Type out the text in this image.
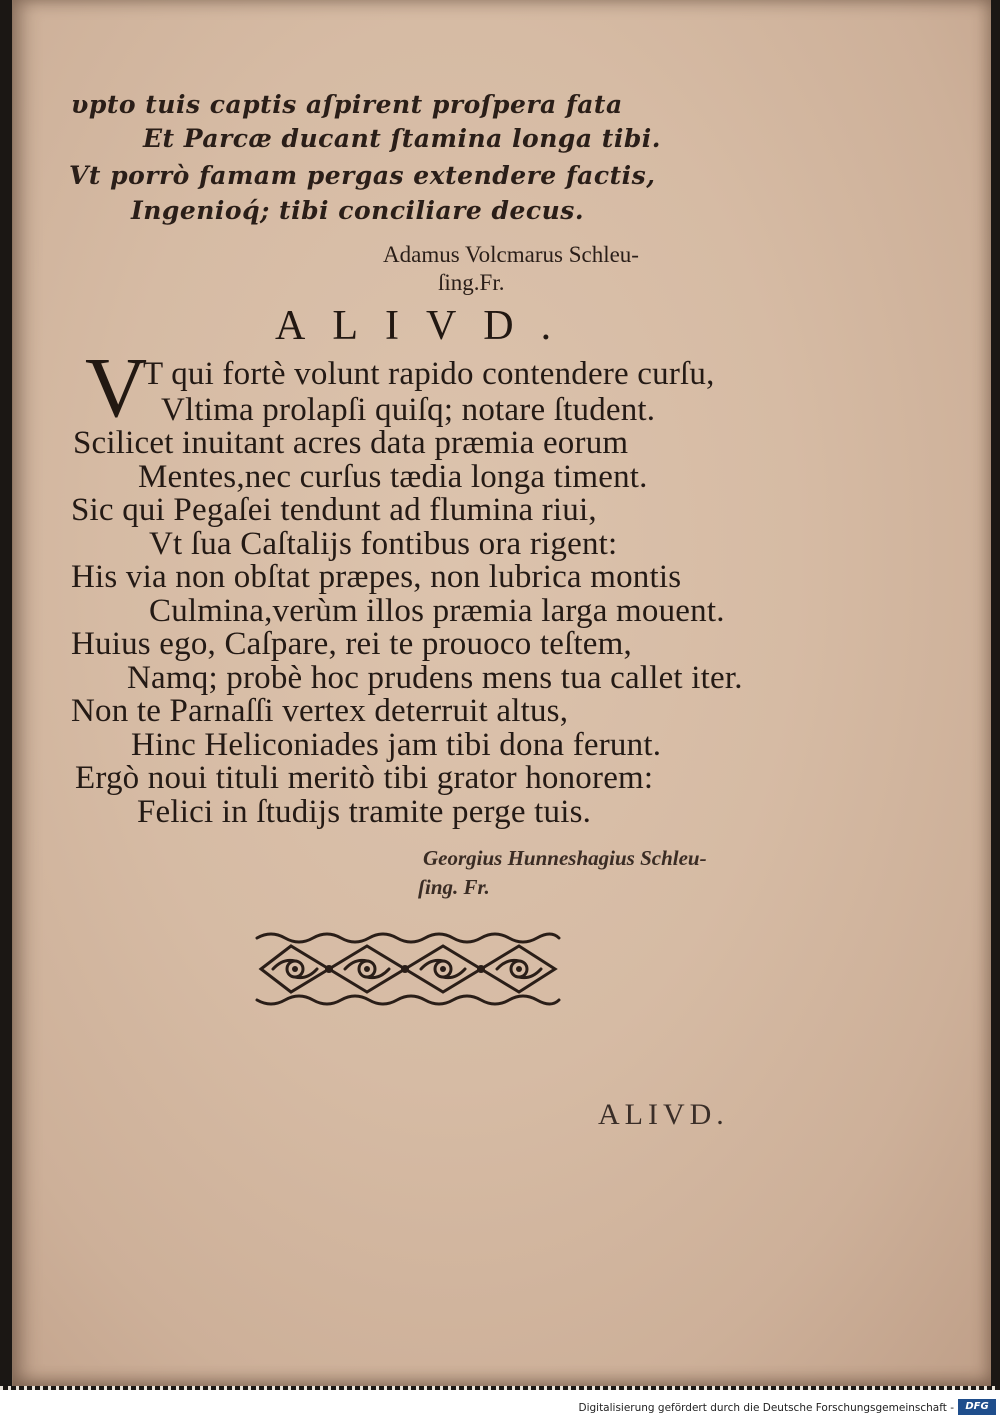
υpto tuis captis aſpirent proſpera fata
Et Parcæ ducant ſtamina longa tibi.
Vt porrò famam pergas extendere factis,
Ingenioq́; tibi conciliare decus.
Adamus Volcmarus Schleu-
ſing.Fr.
ALIVD.
V
T qui fortè volunt rapido contendere curſu,
Vltima prolapſi quiſq; notare ſtudent.
Scilicet inuitant acres data præmia eorum
Mentes,nec curſus tædia longa timent.
Sic qui Pegaſei tendunt ad flumina riui,
Vt ſua Caſtalijs fontibus ora rigent:
His via non obſtat præpes, non lubrica montis
Culmina,verùm illos præmia larga mouent.
Huius ego, Caſpare, rei te prouoco teſtem,
Namq; probè hoc prudens mens tua callet iter.
Non te Parnaſſi vertex deterruit altus,
Hinc Heliconiades jam tibi dona ferunt.
Ergò noui tituli meritò tibi grator honorem:
Felici in ſtudijs tramite perge tuis.
Georgius Hunneshagius Schleu-
ſing. Fr.
ALIVD.
Digitalisierung gefördert durch die Deutsche Forschungsgemeinschaft -	DFG
